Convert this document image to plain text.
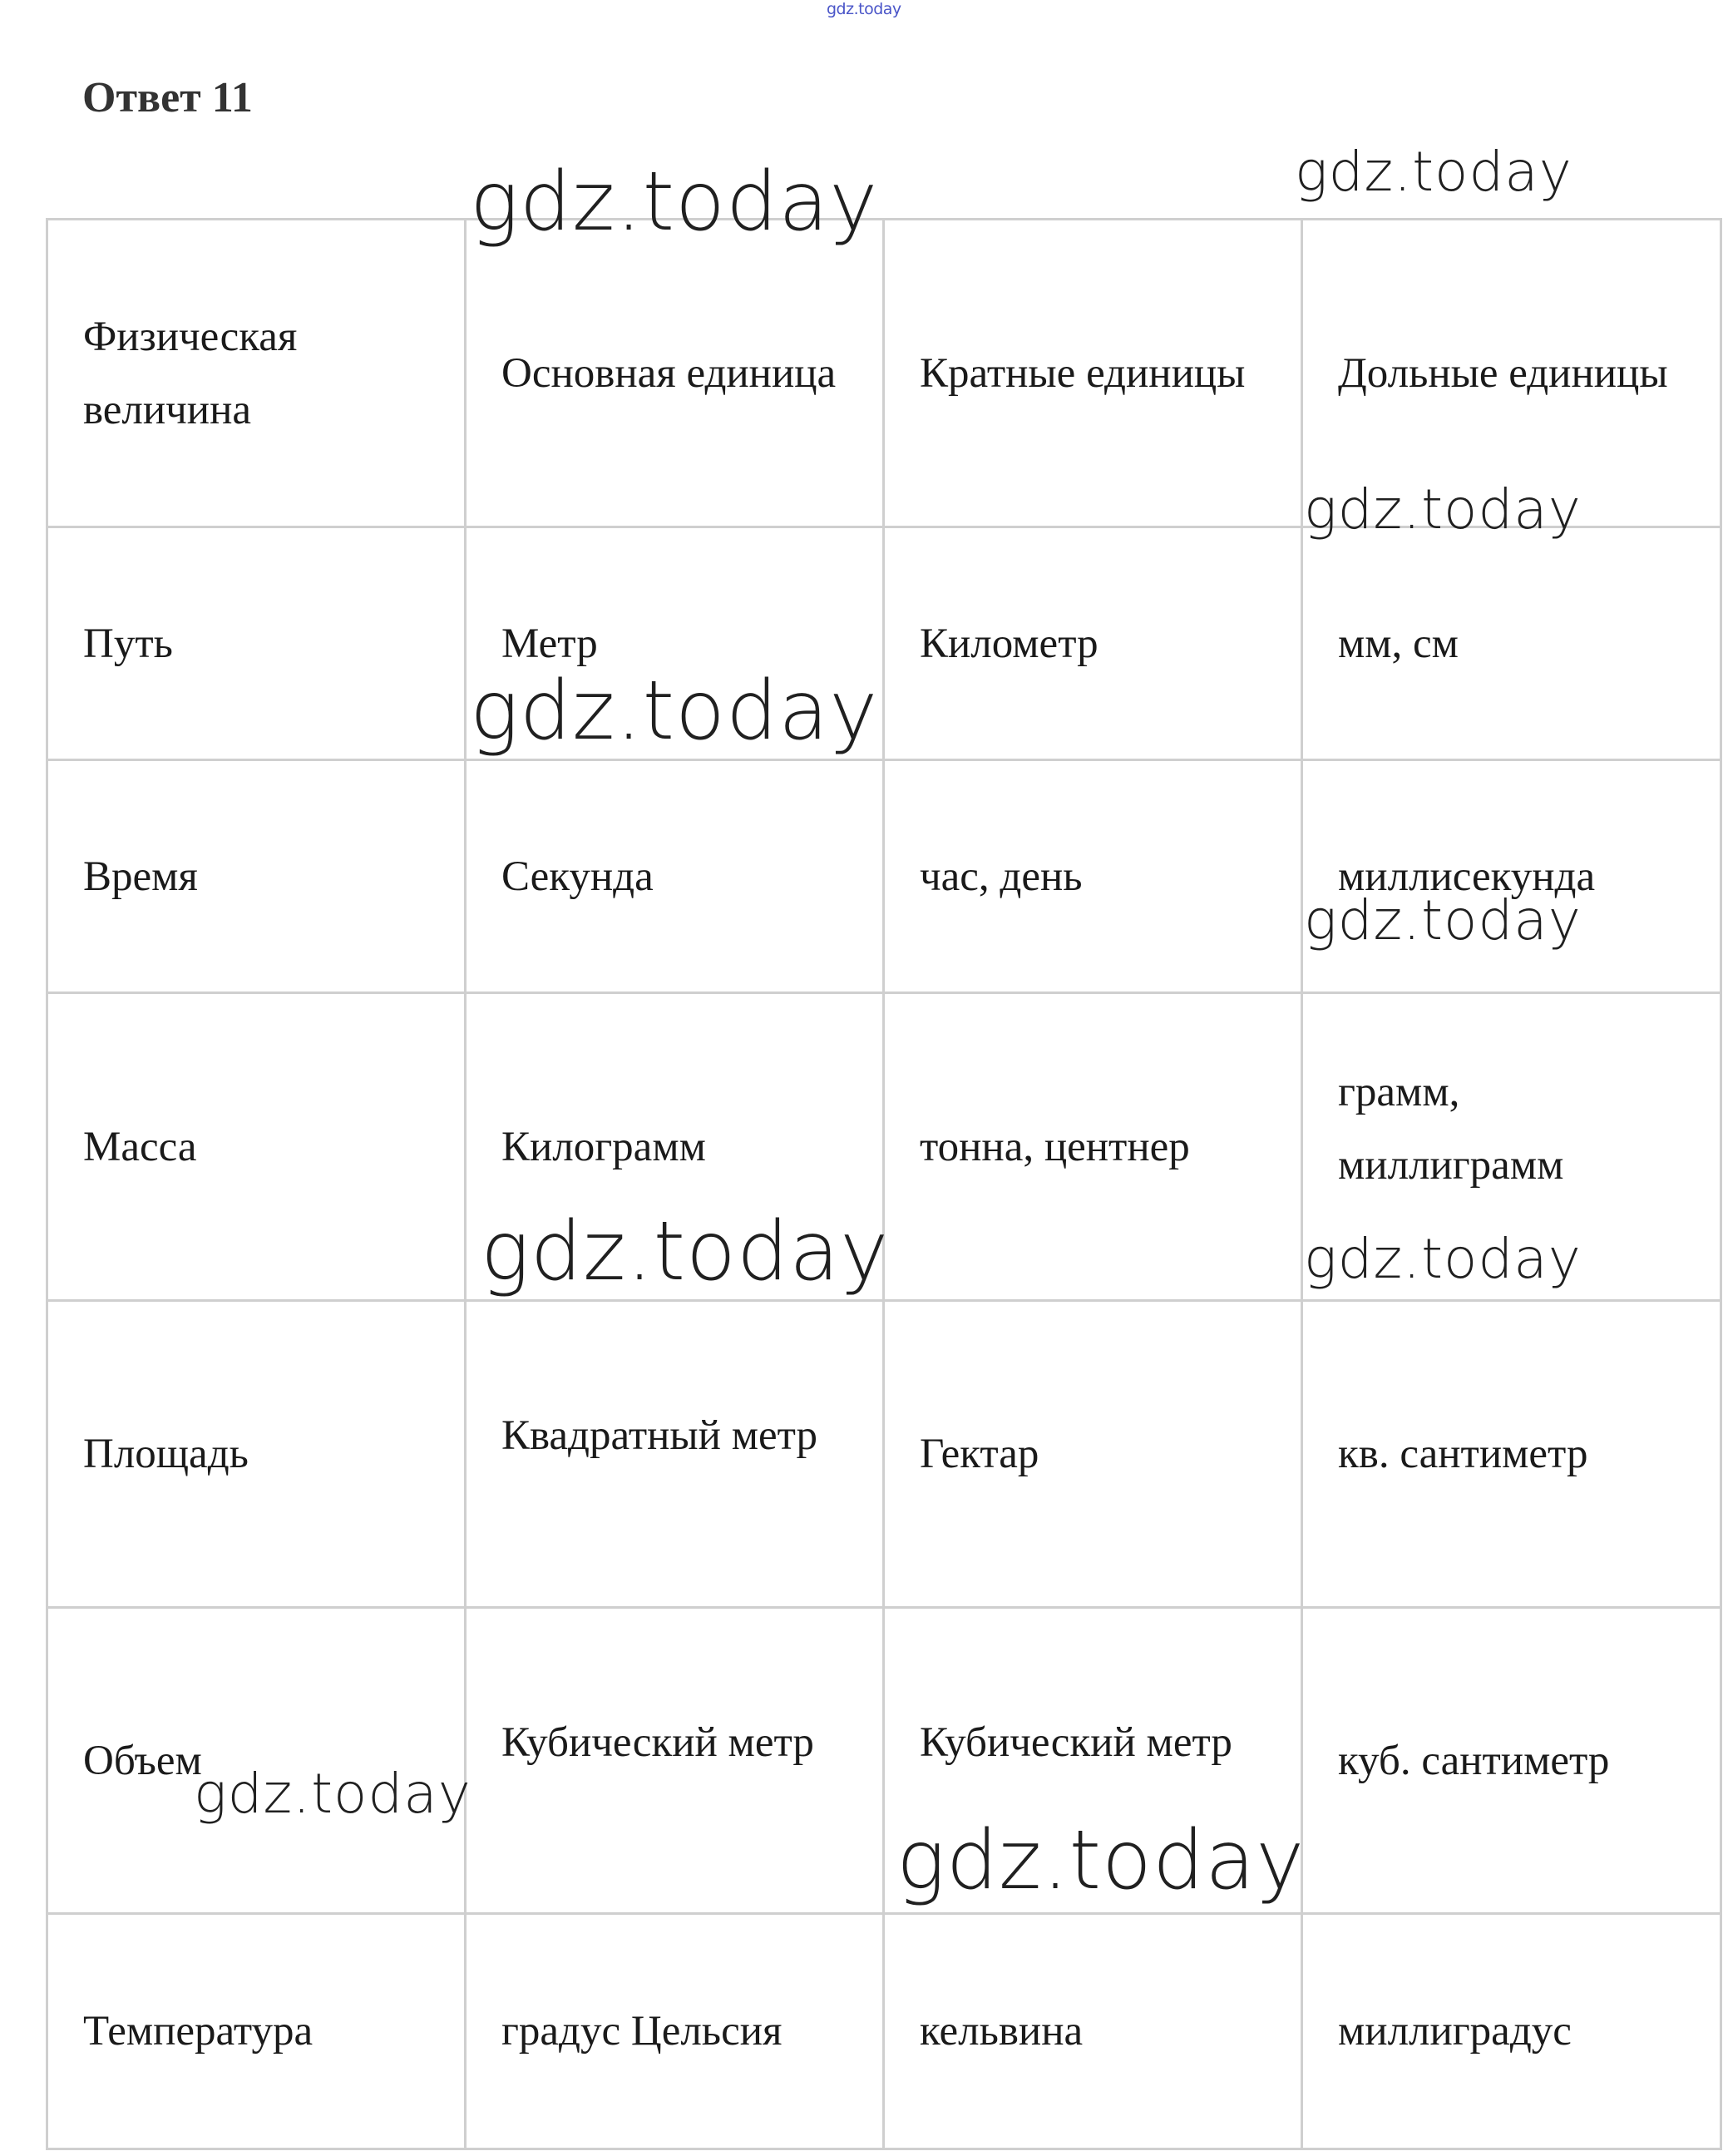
gdz.today
Ответ 11
Физическая величина	Основная единица	Кратные единицы	Дольные единицы

Путь	Метр	Километр	мм, см

Время	Секунда	час, день	миллисекунда

Масса	Килограмм	тонна, центнер	грамм, миллиграмм

Площадь	Квадратный метр	Гектар	кв. сантиметр

Объем	Кубический метр	Кубический метр	куб. сантиметр

Температура	градус Цельсия	кельвина	миллиградус
gdz.today	gdz.today
gdz.today
gdz.today
gdz.today
gdz.today	gdz.today
gdz.today
gdz.today
